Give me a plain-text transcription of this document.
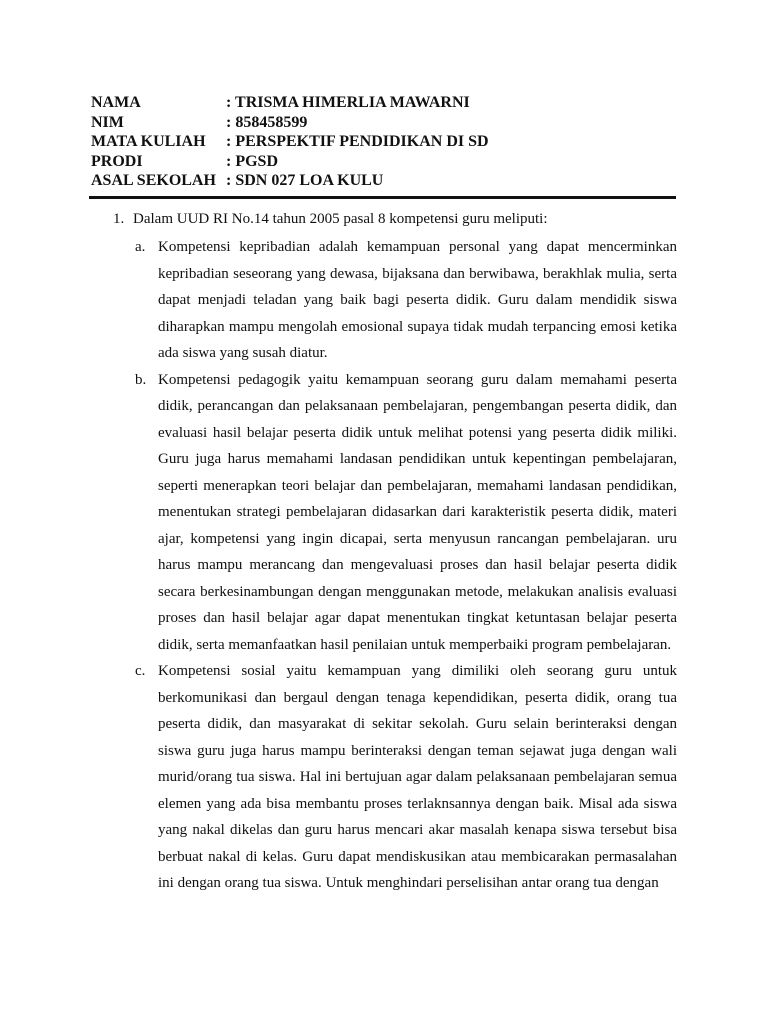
NAMA	: TRISMA HIMERLIA MAWARNI
NIM	: 858458599
MATA KULIAH	: PERSPEKTIF PENDIDIKAN DI SD
PRODI	: PGSD
ASAL SEKOLAH : SDN 027 LOA KULU
1. Dalam UUD RI No.14 tahun 2005 pasal 8 kompetensi guru meliputi:
a. Kompetensi kepribadian adalah kemampuan personal yang dapat mencerminkan kepribadian seseorang yang dewasa, bijaksana dan berwibawa, berakhlak mulia, serta dapat menjadi teladan yang baik bagi peserta didik. Guru dalam mendidik siswa diharapkan mampu mengolah emosional supaya tidak mudah terpancing emosi ketika ada siswa yang susah diatur.
b. Kompetensi pedagogik yaitu kemampuan seorang guru dalam memahami peserta didik, perancangan dan pelaksanaan pembelajaran, pengembangan peserta didik, dan evaluasi hasil belajar peserta didik untuk melihat potensi yang peserta didik miliki. Guru juga harus memahami landasan pendidikan untuk kepentingan pembelajaran, seperti menerapkan teori belajar dan pembelajaran, memahami landasan pendidikan, menentukan strategi pembelajaran didasarkan dari karakteristik peserta didik, materi ajar, kompetensi yang ingin dicapai, serta menyusun rancangan pembelajaran. uru harus mampu merancang dan mengevaluasi proses dan hasil belajar peserta didik secara berkesinambungan dengan menggunakan metode, melakukan analisis evaluasi proses dan hasil belajar agar dapat menentukan tingkat ketuntasan belajar peserta didik, serta memanfaatkan hasil penilaian untuk memperbaiki program pembelajaran.
c. Kompetensi sosial yaitu kemampuan yang dimiliki oleh seorang guru untuk berkomunikasi dan bergaul dengan tenaga kependidikan, peserta didik, orang tua peserta didik, dan masyarakat di sekitar sekolah. Guru selain berinteraksi dengan siswa guru juga harus mampu berinteraksi dengan teman sejawat juga dengan wali murid/orang tua siswa. Hal ini bertujuan agar dalam pelaksanaan pembelajaran semua elemen yang ada bisa membantu proses terlaknsannya dengan baik. Misal ada siswa yang nakal dikelas dan guru harus mencari akar masalah kenapa siswa tersebut bisa berbuat nakal di kelas. Guru dapat mendiskusikan atau membicarakan permasalahan ini dengan orang tua siswa. Untuk menghindari perselisihan antar orang tua dengan
